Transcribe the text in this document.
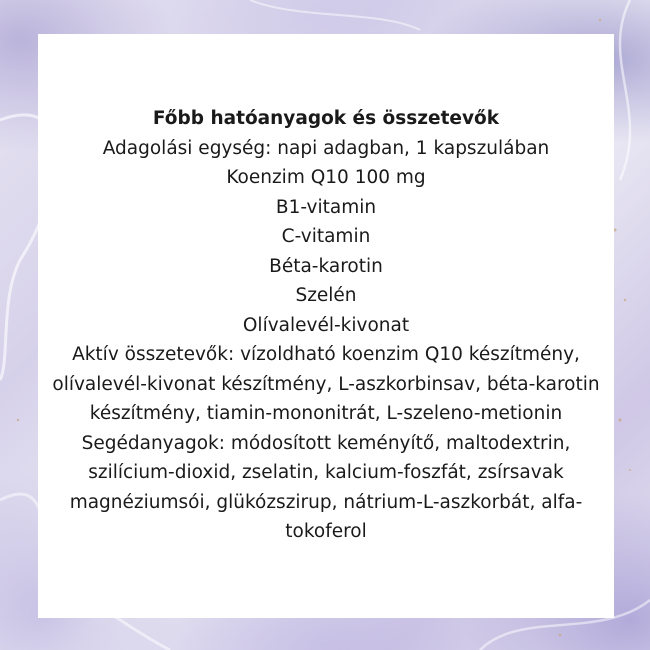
Főbb hatóanyagok és összetevők
Adagolási egység: napi adagban, 1 kapszulában
Koenzim Q10 100 mg
B1-vitamin
C-vitamin
Béta-karotin
Szelén
Olívalevél-kivonat
Aktív összetevők: vízoldható koenzim Q10 készítmény,
olívalevél-kivonat készítmény, L-aszkorbinsav, béta-karotin
készítmény, tiamin-mononitrát, L-szeleno-metionin
Segédanyagok: módosított keményítő, maltodextrin,
szilícium-dioxid, zselatin, kalcium-foszfát, zsírsavak
magnéziumsói, glükózszirup, nátrium-L-aszkorbát, alfa-
tokoferol
